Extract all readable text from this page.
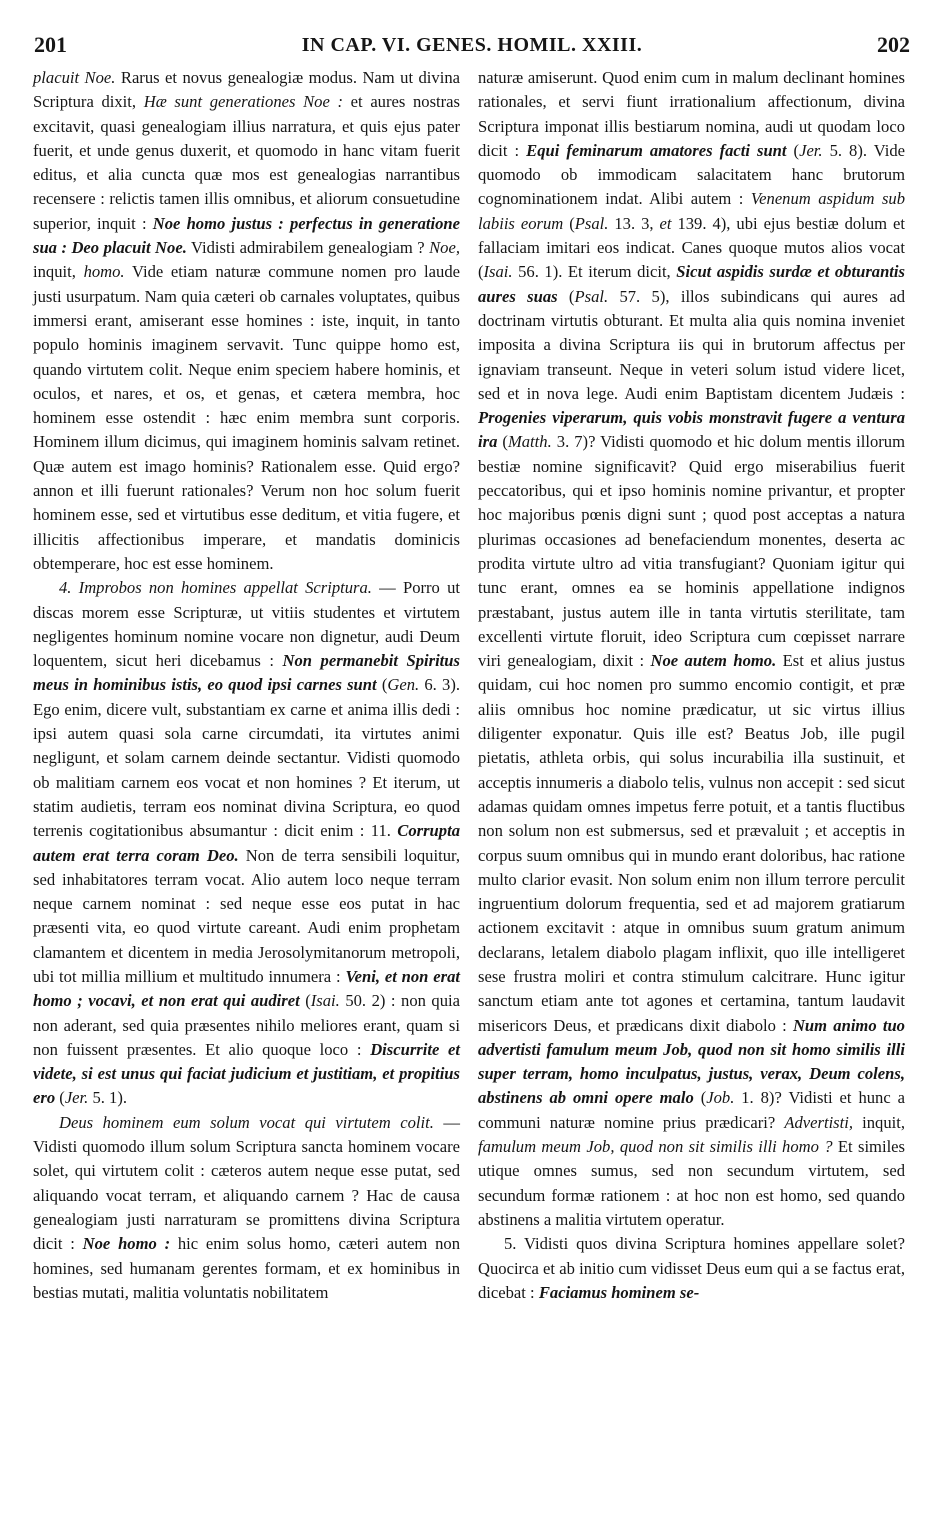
201	IN CAP. VI. GENES. HOMIL. XXIII.	202

placuit Noe. Rarus et novus genealogiæ modus. Nam ut divina Scriptura dixit, Hæ sunt generationes Noe : et aures nostras excitavit, quasi genealogiam illius narratura, et quis ejus pater fuerit, et unde genus duxerit, et quomodo in hanc vitam fuerit editus, et alia cuncta quæ mos est genealogias narrantibus recensere : relictis tamen illis omnibus, et aliorum consuetudine superior, inquit : Noe homo justus : perfectus in generatione sua : Deo placuit Noe. Vidisti admirabilem genealogiam ? Noe, inquit, homo. Vide etiam naturæ commune nomen pro laude justi usurpatum. Nam quia cæteri ob carnales voluptates, quibus immersi erant, amiserant esse homines : iste, inquit, in tanto populo hominis imaginem servavit. Tunc quippe homo est, quando virtutem colit. Neque enim speciem habere hominis, et oculos, et nares, et os, et genas, et cætera membra, hoc hominem esse ostendit : hæc enim membra sunt corporis. Hominem illum dicimus, qui imaginem hominis salvam retinet. Quæ autem est imago hominis? Rationalem esse. Quid ergo? annon et illi fuerunt rationales? Verum non hoc solum fuerit hominem esse, sed et virtutibus esse deditum, et vitia fugere, et illicitis affectionibus imperare, et mandatis dominicis obtemperare, hoc est esse hominem.

4. Improbos non homines appellat Scriptura. — Porro ut discas morem esse Scripturæ, ut vitiis studentes et virtutem negligentes hominum nomine vocare non dignetur, audi Deum loquentem, sicut heri dicebamus : Non permanebit Spiritus meus in hominibus istis, eo quod ipsi carnes sunt (Gen. 6. 3). Ego enim, dicere vult, substantiam ex carne et anima illis dedi : ipsi autem quasi sola carne circumdati, ita virtutes animi negligunt, et solam carnem deinde sectantur. Vidisti quomodo ob malitiam carnem eos vocat et non homines ? Et iterum, ut statim audietis, terram eos nominat divina Scriptura, eo quod terrenis cogitationibus absumantur : dicit enim : 11. Corrupta autem erat terra coram Deo. Non de terra sensibili loquitur, sed inhabitatores terram vocat. Alio autem loco neque terram neque carnem nominat : sed neque esse eos putat in hac præsenti vita, eo quod virtute careant. Audi enim prophetam clamantem et dicentem in media Jerosolymitanorum metropoli, ubi tot millia millium et multitudo innumera : Veni, et non erat homo ; vocavi, et non erat qui audiret (Isai. 50. 2) : non quia non aderant, sed quia præsentes nihilo meliores erant, quam si non fuissent præsentes. Et alio quoque loco : Discurrite et videte, si est unus qui faciat judicium et justitiam, et propitius ero (Jer. 5. 1).

Deus hominem eum solum vocat qui virtutem colit. — Vidisti quomodo illum solum Scriptura sancta hominem vocare solet, qui virtutem colit : cæteros autem neque esse putat, sed aliquando vocat terram, et aliquando carnem ? Hac de causa genealogiam justi narraturam se promittens divina Scriptura dicit : Noe homo : hic enim solus homo, cæteri autem non homines, sed humanam gerentes formam, et ex hominibus in bestias mutati, malitia voluntatis nobilitatem

naturæ amiserunt. Quod enim cum in malum declinant homines rationales, et servi fiunt irrationalium affectionum, divina Scriptura imponat illis bestiarum nomina, audi ut quodam loco dicit : Equi feminarum amatores facti sunt (Jer. 5. 8). Vide quomodo ob immodicam salacitatem hanc brutorum cognominationem indat. Alibi autem : Venenum aspidum sub labiis eorum (Psal. 13. 3, et 139. 4), ubi ejus bestiæ dolum et fallaciam imitari eos indicat. Canes quoque mutos alios vocat (Isai. 56. 1). Et iterum dicit, Sicut aspidis surdæ et obturantis aures suas (Psal. 57. 5), illos subindicans qui aures ad doctrinam virtutis obturant. Et multa alia quis nomina inveniet imposita a divina Scriptura iis qui in brutorum affectus per ignaviam transeunt. Neque in veteri solum istud videre licet, sed et in nova lege. Audi enim Baptistam dicentem Judæis : Progenies viperarum, quis vobis monstravit fugere a ventura ira (Matth. 3. 7)? Vidisti quomodo et hic dolum mentis illorum bestiæ nomine significavit? Quid ergo miserabilius fuerit peccatoribus, qui et ipso hominis nomine privantur, et propter hoc majoribus pœnis digni sunt ; quod post acceptas a natura plurimas occasiones ad benefaciendum monentes, deserta ac prodita virtute ultro ad vitia transfugiant? Quoniam igitur qui tunc erant, omnes ea se hominis appellatione indignos præstabant, justus autem ille in tanta virtutis sterilitate, tam excellenti virtute floruit, ideo Scriptura cum cœpisset narrare viri genealogiam, dixit : Noe autem homo. Est et alius justus quidam, cui hoc nomen pro summo encomio contigit, et præ aliis omnibus hoc nomine prædicatur, ut sic virtus illius diligenter exponatur. Quis ille est? Beatus Job, ille pugil pietatis, athleta orbis, qui solus incurabilia illa sustinuit, et acceptis innumeris a diabolo telis, vulnus non accepit : sed sicut adamas quidam omnes impetus ferre potuit, et a tantis fluctibus non solum non est submersus, sed et prævaluit ; et acceptis in corpus suum omnibus qui in mundo erant doloribus, hac ratione multo clarior evasit. Non solum enim non illum terrore perculit ingruentium dolorum frequentia, sed et ad majorem gratiarum actionem excitavit : atque in omnibus suum gratum animum declarans, letalem diabolo plagam inflixit, quo ille intelligeret sese frustra moliri et contra stimulum calcitrare. Hunc igitur sanctum etiam ante tot agones et certamina, tantum laudavit misericors Deus, et prædicans dixit diabolo : Num animo tuo advertisti famulum meum Job, quod non sit homo similis illi super terram, homo inculpatus, justus, verax, Deum colens, abstinens ab omni opere malo (Job. 1. 8)? Vidisti et hunc a communi naturæ nomine prius prædicari? Advertisti, inquit, famulum meum Job, quod non sit similis illi homo ? Et similes utique omnes sumus, sed non secundum virtutem, sed secundum formæ rationem : at hoc non est homo, sed quando abstinens a malitia virtutem operatur.

5. Vidisti quos divina Scriptura homines appellare solet? Quocirca et ab initio cum vidisset Deus eum qui a se factus erat, dicebat : Faciamus hominem se-
